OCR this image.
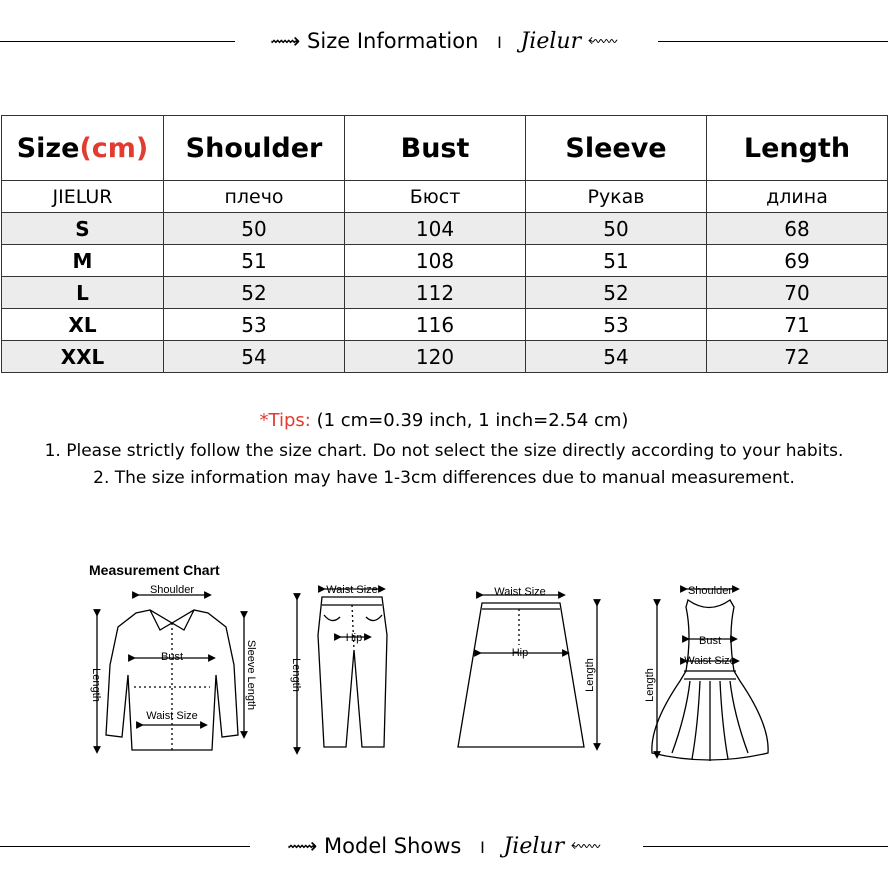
⟿ Size Information I Jielur ⬳
Size(cm)	Shoulder	Bust	Sleeve	Length
JIELUR	плечо	Бюст	Рукав	длина
S	50	104	50	68
M	51	108	51	69
L	52	112	52	70
XL	53	116	53	71
XXL	54	120	54	72
*Tips: (1 cm=0.39 inch, 1 inch=2.54 cm)
1. Please strictly follow the size chart. Do not select the size directly according to your habits.
2. The size information may have 1-3cm differences due to manual measurement.
Measurement Chart
Shoulder
Bust
Waist Size
Length	Sleeve Length
Waist Size
Hip
Length
Waist Size
Hip
Length
Shoulder
Bust
Waist Size
Length
⟿ Model Shows I Jielur ⬳
